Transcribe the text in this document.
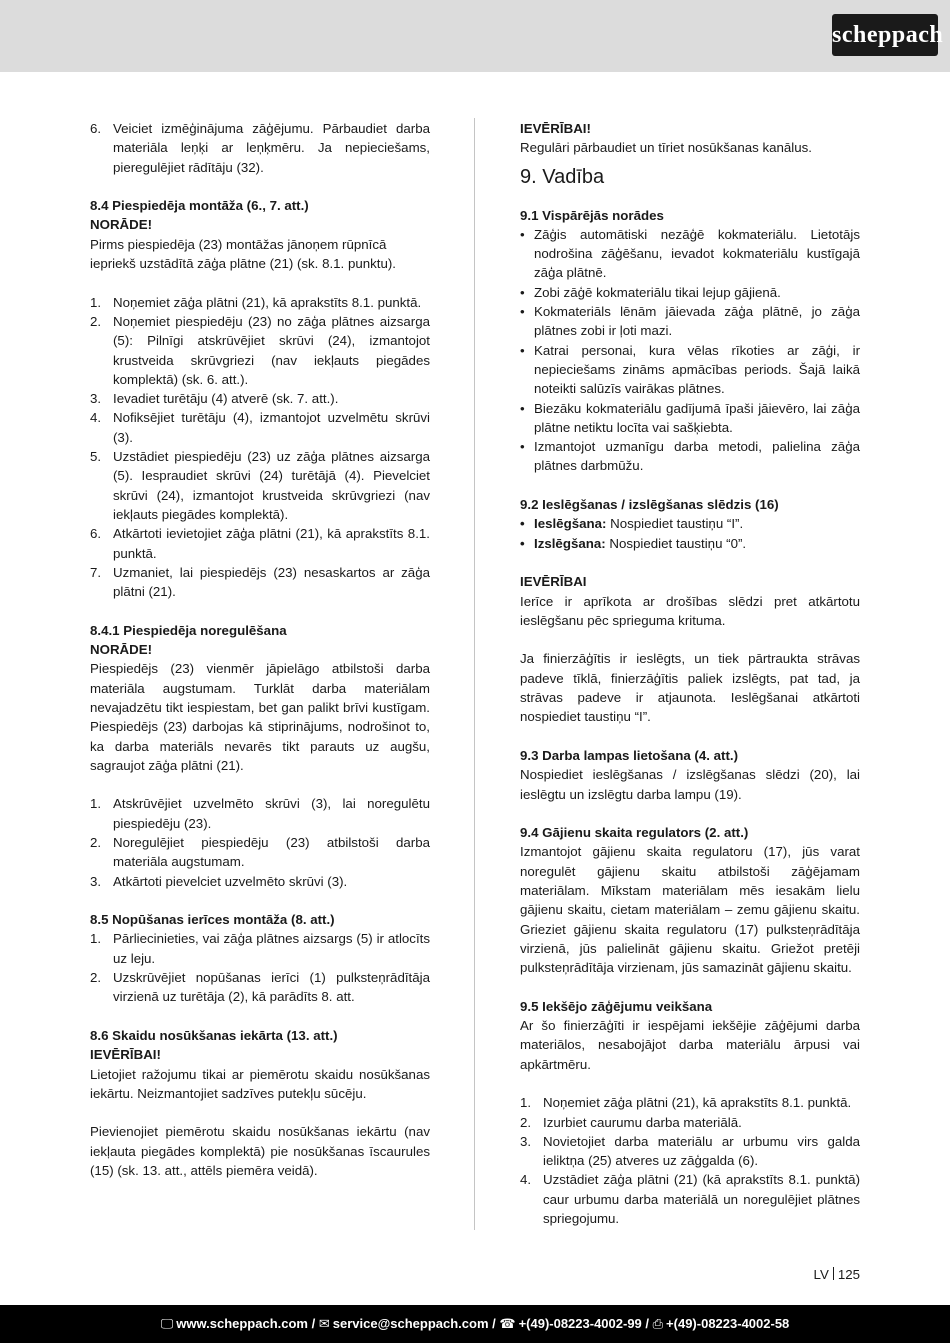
scheppach
6. Veiciet izmēģinājuma zāģējumu. Pārbaudiet darba materiāla leņķi ar leņķmēru. Ja nepieciešams, pieregulējiet rādītāju (32).

8.4 Piespiedēja montāža (6., 7. att.)

NORĀDE!

Pirms piespiedēja (23) montāžas jānoņem rūpnīcā iepriekš uzstādītā zāģa plātne (21) (sk. 8.1. punktu).

1. Noņemiet zāģa plātni (21), kā aprakstīts 8.1. punktā.
2. Noņemiet piespiedēju (23) no zāģa plātnes aizsarga (5): Pilnīgi atskrūvējiet skrūvi (24), izmantojot krustveida skrūvgriezi (nav iekļauts piegādes komplektā) (sk. 6. att.).
3. Ievadiet turētāju (4) atverē (sk. 7. att.).
4. Nofiksējiet turētāju (4), izmantojot uzvelmētu skrūvi (3).
5. Uzstādiet piespiedēju (23) uz zāģa plātnes aizsarga (5). Iespraudiet skrūvi (24) turētājā (4). Pievelciet skrūvi (24), izmantojot krustveida skrūvgriezi (nav iekļauts piegādes komplektā).
6. Atkārtoti ievietojiet zāģa plātni (21), kā aprakstīts 8.1. punktā.
7. Uzmaniet, lai piespiedējs (23) nesaskartos ar zāģa plātni (21).

8.4.1 Piespiedēja noregulēšana

NORĀDE!

Piespiedējs (23) vienmēr jāpielāgo atbilstoši darba materiāla augstumam. Turklāt darba materiālam nevajadzētu tikt iespiestam, bet gan palikt brīvi kustīgam. Piespiedējs (23) darbojas kā stiprinājums, nodrošinot to, ka darba materiāls nevarēs tikt parauts uz augšu, sagraujot zāģa plātni (21).

1. Atskrūvējiet uzvelmēto skrūvi (3), lai noregulētu piespiedēju (23).
2. Noregulējiet piespiedēju (23) atbilstoši darba materiāla augstumam.
3. Atkārtoti pievelciet uzvelmēto skrūvi (3).

8.5 Nopūšanas ierīces montāža (8. att.)

1. Pārliecinieties, vai zāģa plātnes aizsargs (5) ir atlocīts uz leju.
2. Uzskrūvējiet nopūšanas ierīci (1) pulksteņrādītāja virzienā uz turētāja (2), kā parādīts 8. att.

8.6 Skaidu nosūkšanas iekārta (13. att.)

IEVĒRĪBAI!

Lietojiet ražojumu tikai ar piemērotu skaidu nosūkšanas iekārtu. Neizmantojiet sadzīves putekļu sūcēju.

Pievienojiet piemērotu skaidu nosūkšanas iekārtu (nav iekļauta piegādes komplektā) pie nosūkšanas īscaurules (15) (sk. 13. att., attēls piemēra veidā).

IEVĒRĪBAI!

Regulāri pārbaudiet un tīriet nosūkšanas kanālus.

9. Vadība

9.1 Vispārējās norādes

• Zāģis automātiski nezāģē kokmateriālu. Lietotājs nodrošina zāģēšanu, ievadot kokmateriālu kustīgajā zāģa plātnē.
• Zobi zāģē kokmateriālu tikai lejup gājienā.
• Kokmateriāls lēnām jāievada zāģa plātnē, jo zāģa plātnes zobi ir ļoti mazi.
• Katrai personai, kura vēlas rīkoties ar zāģi, ir nepieciešams zināms apmācības periods. Šajā laikā noteikti salūzīs vairākas plātnes.
• Biezāku kokmateriālu gadījumā īpaši jāievēro, lai zāģa plātne netiktu locīta vai sašķiebta.
• Izmantojot uzmanīgu darba metodi, palielina zāģa plātnes darbmūžu.

9.2 Ieslēgšanas / izslēgšanas slēdzis (16)

• Ieslēgšana: Nospiediet taustiņu “I”.
• Izslēgšana: Nospiediet taustiņu “0”.

IEVĒRĪBAI

Ierīce ir aprīkota ar drošības slēdzi pret atkārtotu ieslēgšanu pēc sprieguma krituma.

Ja finierzāģītis ir ieslēgts, un tiek pārtraukta strāvas padeve tīklā, finierzāģītis paliek izslēgts, pat tad, ja strāvas padeve ir atjaunota. Ieslēgšanai atkārtoti nospiediet taustiņu “I”.

9.3 Darba lampas lietošana (4. att.)

Nospiediet ieslēgšanas / izslēgšanas slēdzi (20), lai ieslēgtu un izslēgtu darba lampu (19).

9.4 Gājienu skaita regulators (2. att.)

Izmantojot gājienu skaita regulatoru (17), jūs varat noregulēt gājienu skaitu atbilstoši zāģējamam materiālam. Mīkstam materiālam mēs iesakām lielu gājienu skaitu, cietam materiālam – zemu gājienu skaitu. Grieziet gājienu skaita regulatoru (17) pulksteņrādītāja virzienā, jūs palielināt gājienu skaitu. Griežot pretēji pulksteņrādītāja virzienam, jūs samazināt gājienu skaitu.

9.5 Iekšējo zāģējumu veikšana

Ar šo finierzāģīti ir iespējami iekšējie zāģējumi darba materiālos, nesabojājot darba materiālu ārpusi vai apkārtmēru.

1. Noņemiet zāģa plātni (21), kā aprakstīts 8.1. punktā.
2. Izurbiet caurumu darba materiālā.
3. Novietojiet darba materiālu ar urbumu virs galda ieliktņa (25) atveres uz zāģgalda (6).
4. Uzstādiet zāģa plātni (21) (kā aprakstīts 8.1. punktā) caur urbumu darba materiālā un noregulējiet plātnes spriegojumu.
LV 125
🖵 www.scheppach.com / ✉ service@scheppach.com / ☎ +(49)-08223-4002-99 / ⎙ +(49)-08223-4002-58
